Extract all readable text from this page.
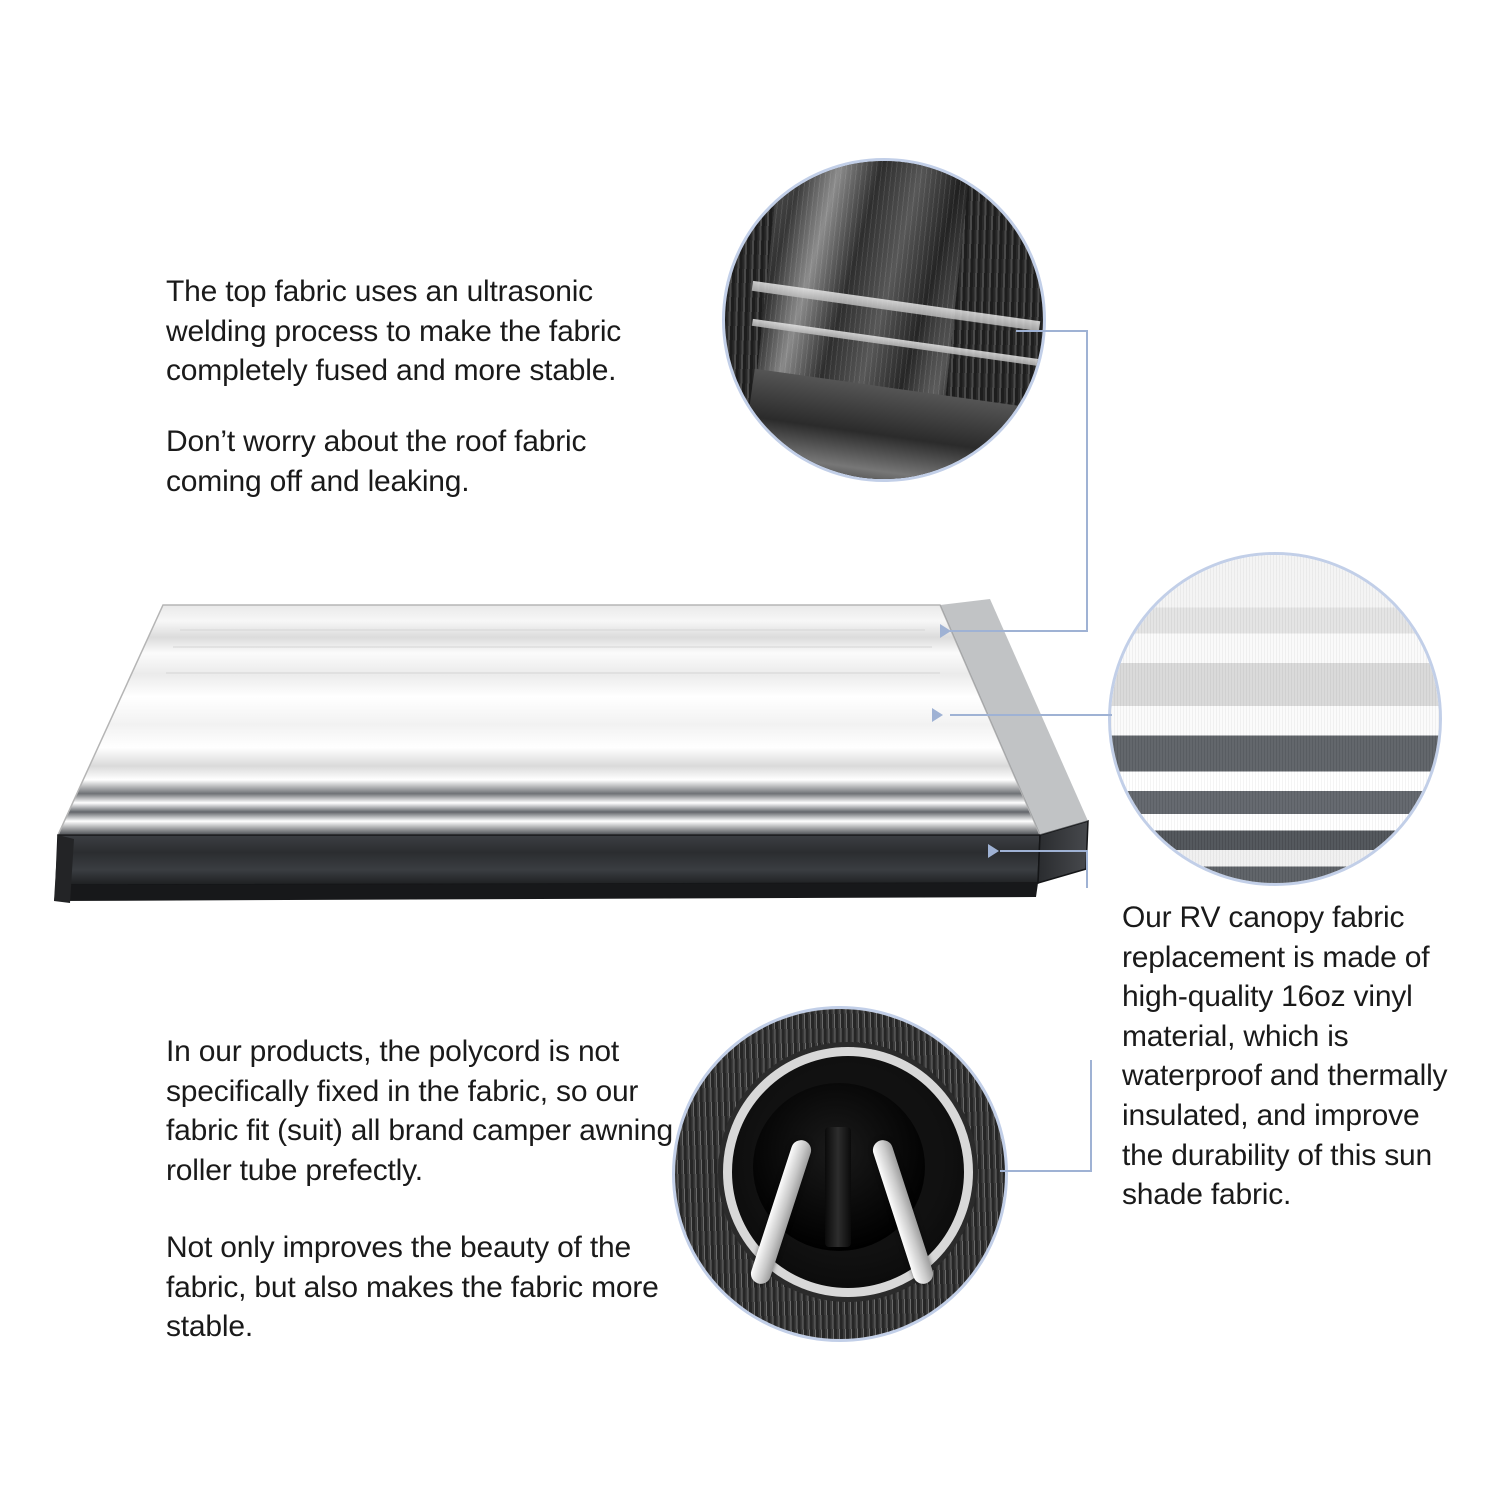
The top fabric uses an ultrasonic welding process to make the fabric completely fused and more stable.
Don’t worry about the roof fabric coming off and leaking.
In our products, the polycord is not specifically fixed in the fabric, so our fabric fit (suit) all brand camper awning roller tube prefectly.
Not only improves the beauty of the fabric, but also makes the fabric more stable.
Our RV canopy fabric replacement is made of high-quality 16oz vinyl material, which is waterproof and thermally insulated, and improve the durability of this sun shade fabric.
